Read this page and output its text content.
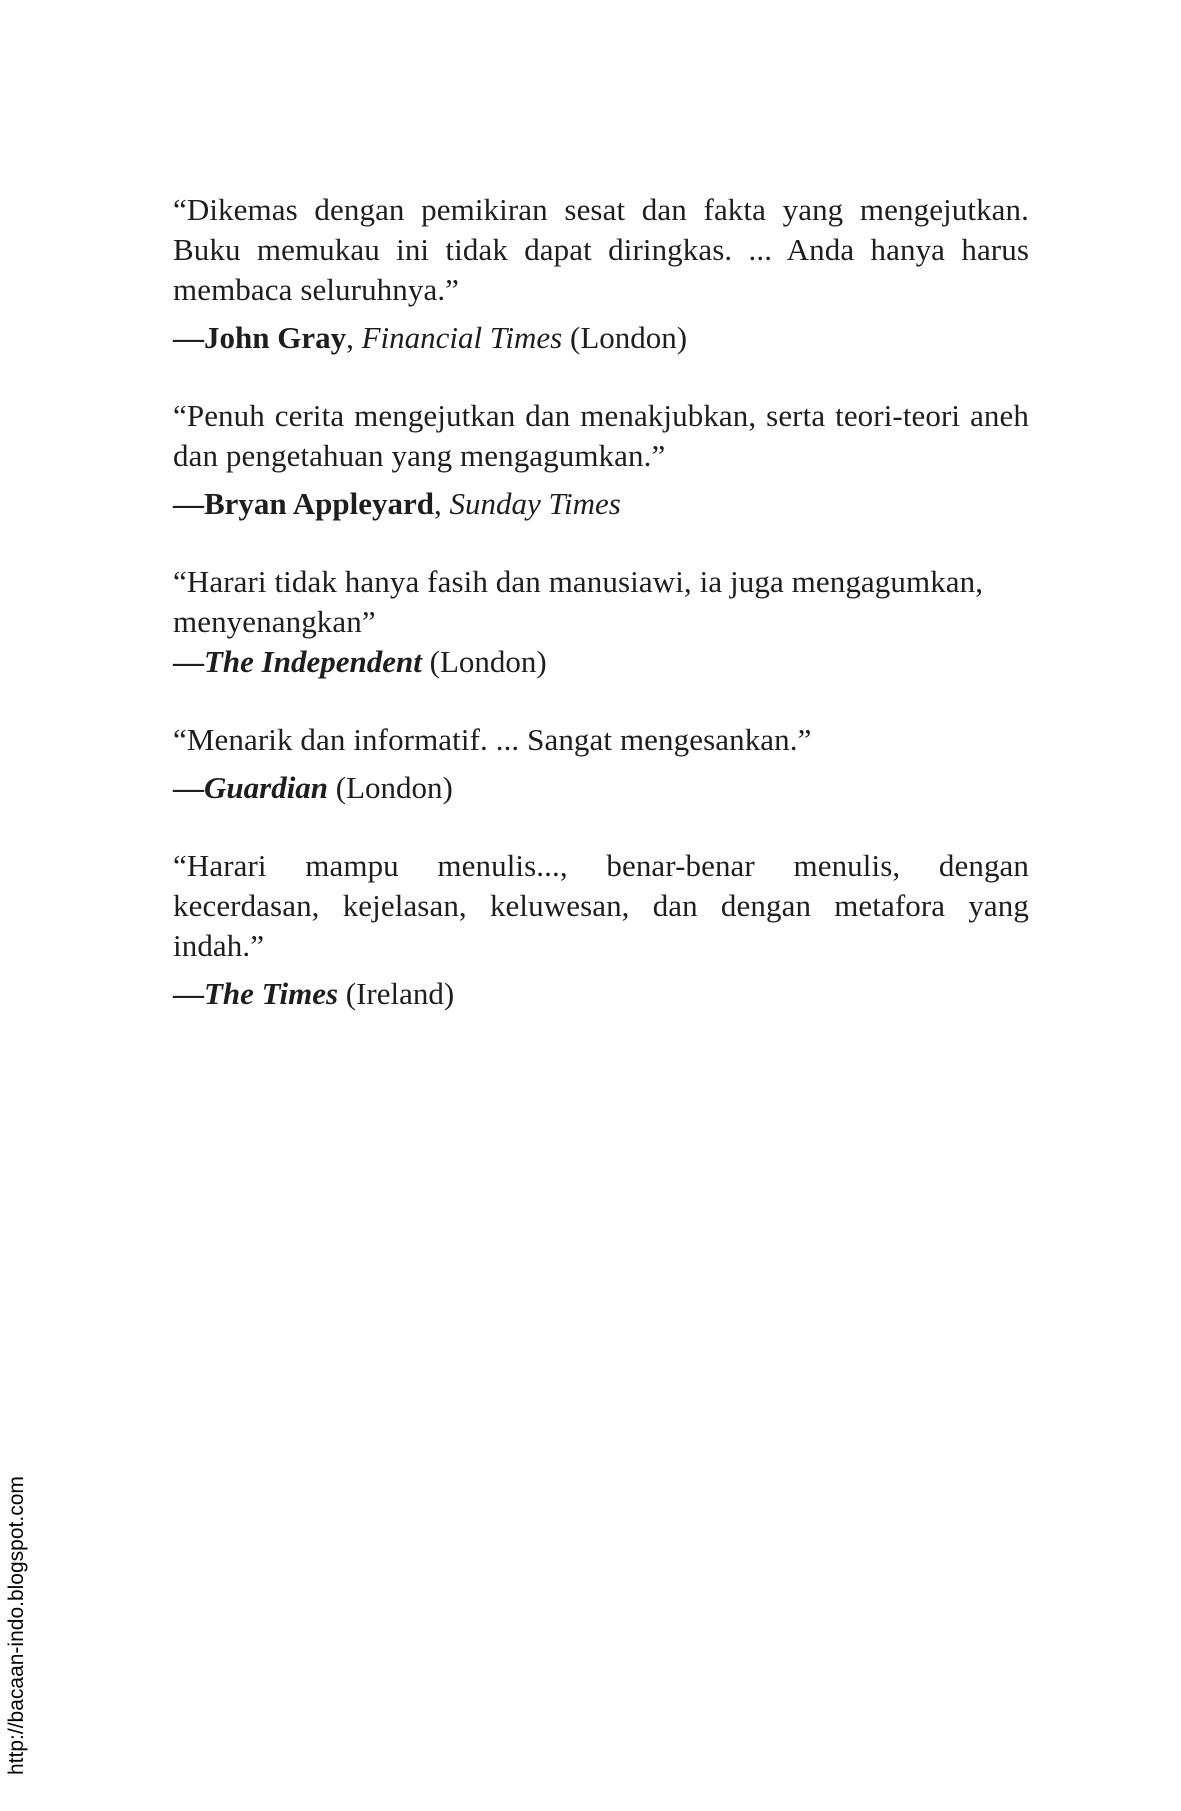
“Dikemas dengan pemikiran sesat dan fakta yang mengejutkan. Buku memukau ini tidak dapat diringkas. ... Anda hanya harus membaca seluruhnya.”

—John Gray, Financial Times (London)

“Penuh cerita mengejutkan dan menakjubkan, serta teori-teori aneh dan pengetahuan yang mengagumkan.”

—Bryan Appleyard, Sunday Times

“Harari tidak hanya fasih dan manusiawi, ia juga mengagumkan, menyenangkan”

—The Independent (London)

“Menarik dan informatif. ... Sangat mengesankan.”

—Guardian (London)

“Harari mampu menulis..., benar-benar menulis, dengan kecerdasan, kejelasan, keluwesan, dan dengan metafora yang indah.”

—The Times (Ireland)

http://bacaan-indo.blogspot.com
